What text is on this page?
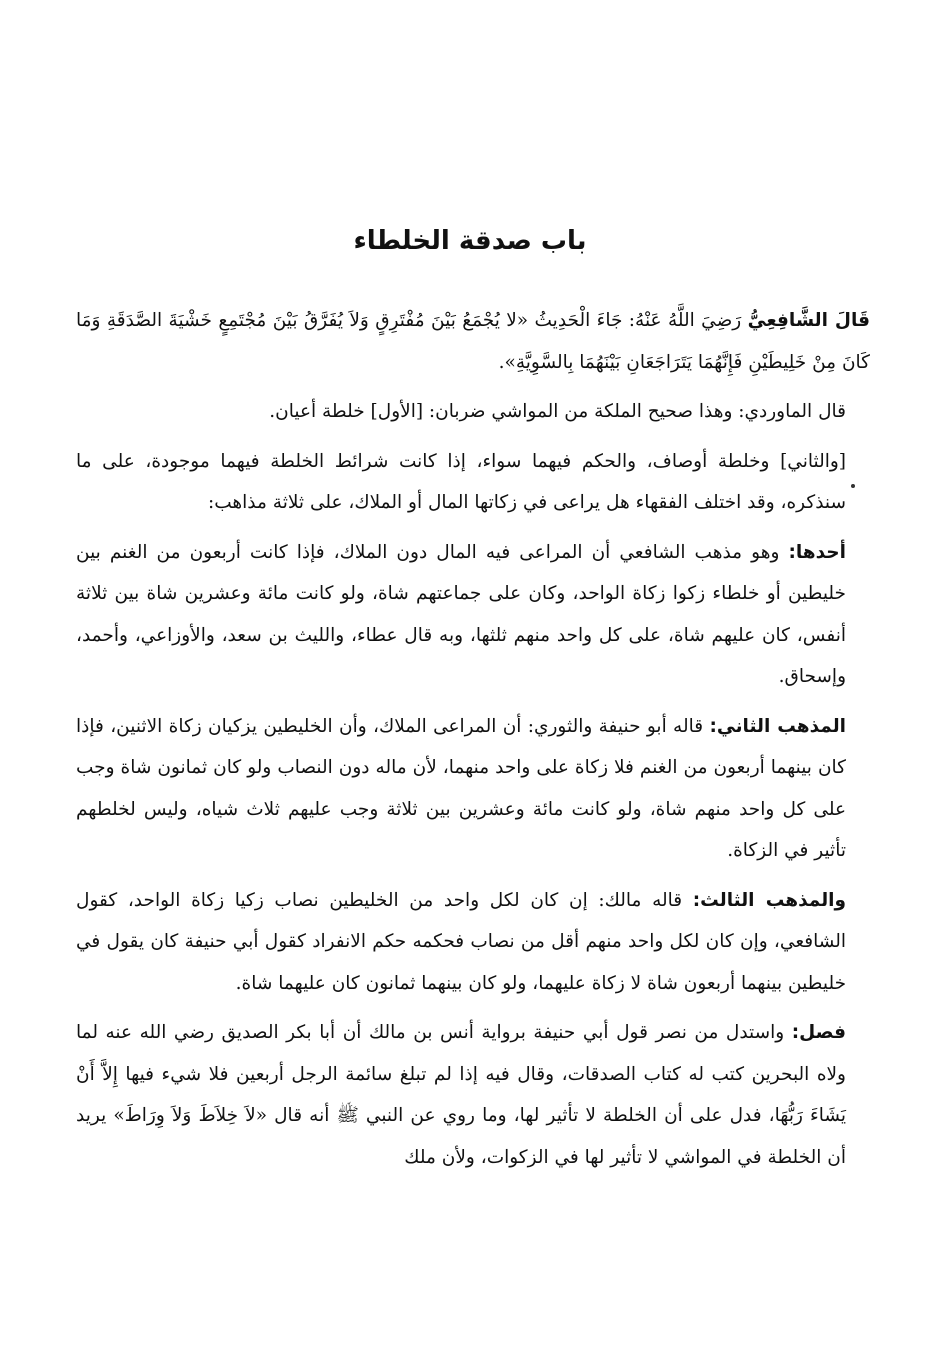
باب صدقة الخلطاء

قَالَ الشَّافِعِيُّ رَضِيَ اللَّهُ عَنْهُ: جَاءَ الْحَدِيثُ «لا يُجْمَعُ بَيْنَ مُفْتَرِقٍ وَلاَ يُفَرَّقُ بَيْنَ مُجْتَمِعٍ خَشْيَةَ الصَّدَقَةِ وَمَا كَانَ مِنْ خَلِيطَيْنِ فَإِنَّهُمَا يَتَرَاجَعَانِ بَيْنَهُمَا بِالسَّوِيَّةِ».

قال الماوردي: وهذا صحيح الملكة من المواشي ضربان: [الأول] خلطة أعيان.

[والثاني] وخلطة أوصاف، والحكم فيهما سواء، إذا كانت شرائط الخلطة فيهما موجودة، على ما سنذكره، وقد اختلف الفقهاء هل يراعى في زكاتها المال أو الملاك، على ثلاثة مذاهب:

أحدها: وهو مذهب الشافعي أن المراعى فيه المال دون الملاك، فإذا كانت أربعون من الغنم بين خليطين أو خلطاء زكوا زكاة الواحد، وكان على جماعتهم شاة، ولو كانت مائة وعشرين شاة بين ثلاثة أنفس، كان عليهم شاة، على كل واحد منهم ثلثها، وبه قال عطاء، والليث بن سعد، والأوزاعي، وأحمد، وإسحاق.

المذهب الثاني: قاله أبو حنيفة والثوري: أن المراعى الملاك، وأن الخليطين يزكيان زكاة الاثنين، فإذا كان بينهما أربعون من الغنم فلا زكاة على واحد منهما، لأن ماله دون النصاب ولو كان ثمانون شاة وجب على كل واحد منهم شاة، ولو كانت مائة وعشرين بين ثلاثة وجب عليهم ثلاث شياه، وليس لخلطهم تأثير في الزكاة.

والمذهب الثالث: قاله مالك: إن كان لكل واحد من الخليطين نصاب زكيا زكاة الواحد، كقول الشافعي، وإن كان لكل واحد منهم أقل من نصاب فحكمه حكم الانفراد كقول أبي حنيفة كان يقول في خليطين بينهما أربعون شاة لا زكاة عليهما، ولو كان بينهما ثمانون كان عليهما شاة.

فصل: واستدل من نصر قول أبي حنيفة برواية أنس بن مالك أن أبا بكر الصديق رضي الله عنه لما ولاه البحرين كتب له كتاب الصدقات، وقال فيه إذا لم تبلغ سائمة الرجل أربعين فلا شيء فيها إِلاَّ أَنْ يَشَاءَ رَبُّهَا، فدل على أن الخلطة لا تأثير لها، وما روي عن النبي ﷺ أنه قال «لاَ خِلاَطَ وَلاَ وِرَاطَ» يريد أن الخلطة في المواشي لا تأثير لها في الزكوات، ولأن ملك
